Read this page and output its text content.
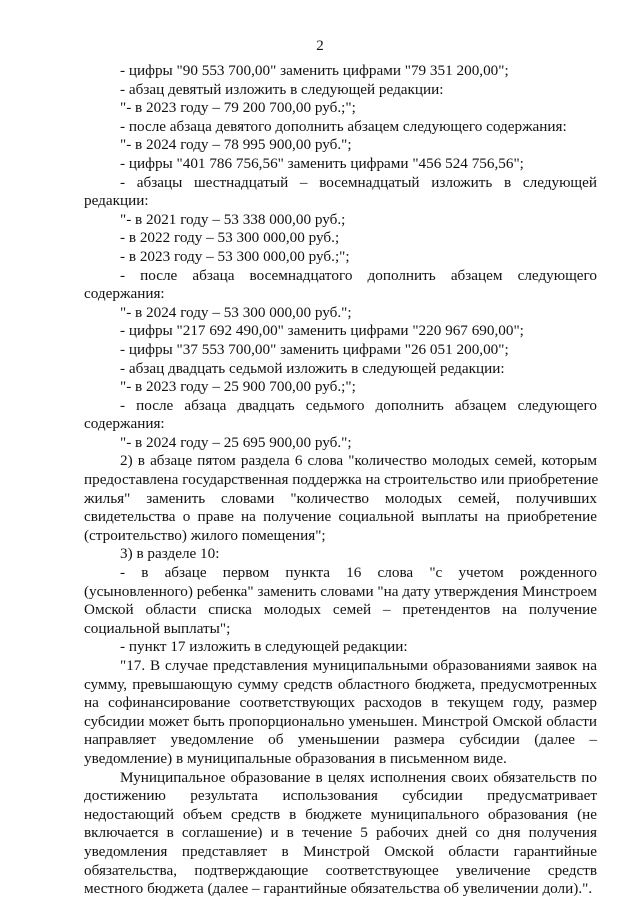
2
- цифры "90 553 700,00" заменить цифрами "79 351 200,00";
- абзац девятый изложить в следующей редакции:
"- в 2023 году – 79 200 700,00 руб.;";
- после абзаца девятого дополнить абзацем следующего содержания:
"- в 2024 году – 78 995 900,00 руб.";
- цифры "401 786 756,56" заменить цифрами "456 524 756,56";
- абзацы шестнадцатый – восемнадцатый изложить в следующей
редакции:
"- в 2021 году – 53 338 000,00 руб.;
- в 2022 году – 53 300 000,00 руб.;
- в 2023 году – 53 300 000,00 руб.;";
- после абзаца восемнадцатого дополнить абзацем следующего
содержания:
"- в 2024 году – 53 300 000,00 руб.";
- цифры "217 692 490,00" заменить цифрами "220 967 690,00";
- цифры "37 553 700,00" заменить цифрами "26 051 200,00";
- абзац двадцать седьмой изложить в следующей редакции:
"- в 2023 году – 25 900 700,00 руб.;";
- после абзаца двадцать седьмого дополнить абзацем следующего
содержания:
"- в 2024 году – 25 695 900,00 руб.";
2) в абзаце пятом раздела 6 слова "количество молодых семей, которым
предоставлена государственная поддержка на строительство или приобретение
жилья" заменить словами "количество молодых семей, получивших
свидетельства о праве на получение социальной выплаты на приобретение
(строительство) жилого помещения";
3) в разделе 10:
- в абзаце первом пункта 16 слова "с учетом рожденного
(усыновленного) ребенка" заменить словами "на дату утверждения Минстроем
Омской области списка молодых семей – претендентов на получение
социальной выплаты";
- пункт 17 изложить в следующей редакции:
"17. В случае представления муниципальными образованиями заявок на
сумму, превышающую сумму средств областного бюджета, предусмотренных
на софинансирование соответствующих расходов в текущем году, размер
субсидии может быть пропорционально уменьшен. Минстрой Омской области
направляет уведомление об уменьшении размера субсидии (далее –
уведомление) в муниципальные образования в письменном виде.
Муниципальное образование в целях исполнения своих обязательств по
достижению результата использования субсидии предусматривает
недостающий объем средств в бюджете муниципального образования (не
включается в соглашение) и в течение 5 рабочих дней со дня получения
уведомления представляет в Минстрой Омской области гарантийные
обязательства, подтверждающие соответствующее увеличение средств
местного бюджета (далее – гарантийные обязательства об увеличении доли).".
